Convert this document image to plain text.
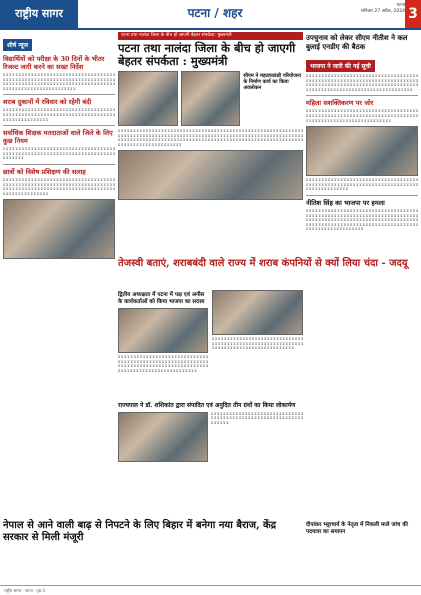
राष्ट्रीय सागर	पटना / शहर
पटना
शनिवार 27 अप्रैल, 2024 3
शीर्ष न्यूज
विद्यार्थियों को परीक्षा के 30 दिनों के भीतर रिजल्ट जारी करने का सख्त निर्देश
ड ड ड ड ड ड ड ड ड ड ड ड ड ड ड ड ड ड ड ड ड ड ड ड ड ड ड ड ड ड ड ड ड ड ड ड ड ड ड ड ड ड ड ड ड ड ड ड ड ड ड ड ड ड ड ड ड ड ड ड ड ड ड ड ड ड ड ड ड ड ड ड ड ड ड ड ड ड ड ड ड ड ड ड ड ड ड ड ड ड ड ड ड ड ड ड ड ड ड ड ड ड ड ड ड ड ड ड ड ड ड ड ड ड ड ड ड ड ड ड ड ड ड ड ड ड ड ड ड ड ड ड
शराब दुकानों में रविवार को रहेगी बंदी
ड ड ड ड ड ड ड ड ड ड ड ड ड ड ड ड ड ड ड ड ड ड ड ड ड ड ड ड ड ड ड ड ड ड ड ड ड ड ड ड ड ड ड ड ड ड ड ड ड ड ड ड ड ड ड ड ड ड ड ड ड ड ड ड ड ड ड ड ड ड ड ड ड ड ड ड ड ड ड ड ड ड ड ड ड ड ड
सर्वाधिक शिक्षक मतदाताओं वाले जिले के लिए कुछ नियम
ड ड ड ड ड ड ड ड ड ड ड ड ड ड ड ड ड ड ड ड ड ड ड ड ड ड ड ड ड ड ड ड ड ड ड ड ड ड ड ड ड ड ड ड ड ड ड ड ड ड ड ड ड ड ड ड ड ड ड ड ड ड ड ड ड ड ड ड ड ड ड ड ड ड ड ड ड ड ड
छात्रों को विशेष प्रशिक्षण की सलाह
ड ड ड ड ड ड ड ड ड ड ड ड ड ड ड ड ड ड ड ड ड ड ड ड ड ड ड ड ड ड ड ड ड ड ड ड ड ड ड ड ड ड ड ड ड ड ड ड ड ड ड ड ड ड ड ड ड ड ड ड ड ड ड ड ड ड ड ड ड ड ड ड ड ड ड ड ड ड ड ड ड ड ड ड ड ड ड ड ड ड ड ड ड ड ड ड ड ड ड ड ड ड ड ड ड ड ड ड ड ड ड ड ड ड ड ड ड ड ड ड ड ड ड
पटना तथा नालंदा जिला के बीच हो जाएगी बेहतर संपर्कता: मुख्यमंत्री
पटना तथा नालंदा जिला के बीच हो जाएगी बेहतर संपर्कता : मुख्यमंत्री
सीएम ने महत्वाकांक्षी परियोजना के निर्माण कार्य का किया अवलोकन
ड ड ड ड ड ड ड ड ड ड ड ड ड ड ड ड ड ड ड ड ड ड ड ड ड ड ड ड ड ड ड ड ड ड ड ड ड ड ड ड ड ड ड ड ड ड ड ड ड ड ड ड ड ड ड ड ड ड ड ड ड ड ड ड ड ड ड ड ड ड ड ड ड ड ड ड ड ड ड ड ड ड ड ड ड ड ड ड ड ड ड ड ड ड ड ड ड ड ड ड ड ड ड ड ड ड ड ड ड ड ड ड ड ड ड ड ड ड ड ड ड ड ड ड ड ड ड ड ड ड ड ड ड ड ड ड ड ड ड ड ड ड ड ड ड ड ड ड ड ड ड ड ड ड ड ड ड ड ड ड ड ड ड ड ड ड ड ड ड ड ड ड ड ड ड ड ड ड ड ड ड ड ड ड ड ड ड ड ड ड ड ड ड ड ड ड ड ड ड ड ड
उपचुनाव को लेकर सीएम नीतीश ने कल बुलाई एनडीए की बैठक
भाजपा ने जारी की नई सूची
ड ड ड ड ड ड ड ड ड ड ड ड ड ड ड ड ड ड ड ड ड ड ड ड ड ड ड ड ड ड ड ड ड ड ड ड ड ड ड ड ड ड ड ड ड ड ड ड ड ड ड ड ड ड ड ड ड ड ड ड ड ड ड ड ड ड ड ड ड ड ड ड ड ड ड ड ड ड ड ड ड ड ड ड ड ड ड ड ड ड ड ड ड ड ड ड ड ड ड ड ड ड ड ड ड ड ड ड ड ड ड ड ड ड ड ड ड ड ड ड ड ड ड ड ड ड ड ड ड ड ड ड ड ड ड ड ड ड ड ड ड ड ड
महिला सशक्तिकरण पर जोर
ड ड ड ड ड ड ड ड ड ड ड ड ड ड ड ड ड ड ड ड ड ड ड ड ड ड ड ड ड ड ड ड ड ड ड ड ड ड ड ड ड ड ड ड ड ड ड ड ड ड ड ड ड ड ड ड ड ड ड ड ड ड ड ड ड ड ड ड ड ड ड ड ड ड ड ड ड ड ड ड ड ड ड ड ड ड ड ड ड ड ड ड ड ड ड ड ड ड ड ड
ड ड ड ड ड ड ड ड ड ड ड ड ड ड ड ड ड ड ड ड ड ड ड ड ड ड ड ड ड ड ड ड ड ड ड ड ड ड ड ड ड ड ड ड ड ड ड ड ड ड ड ड ड ड ड ड ड ड ड ड ड ड ड ड ड ड ड ड ड ड ड ड ड ड ड ड ड ड ड ड ड ड ड ड ड ड
नीतिश सिंह का भाजपा पर हमला
ड ड ड ड ड ड ड ड ड ड ड ड ड ड ड ड ड ड ड ड ड ड ड ड ड ड ड ड ड ड ड ड ड ड ड ड ड ड ड ड ड ड ड ड ड ड ड ड ड ड ड ड ड ड ड ड ड ड ड ड ड ड ड ड ड ड ड ड ड ड ड ड ड ड ड ड ड ड ड ड ड ड ड ड ड ड ड ड ड ड ड ड ड ड ड ड ड ड ड ड ड ड ड ड ड ड ड ड ड ड ड ड ड ड ड ड ड ड ड ड ड ड ड ड ड ड ड ड ड ड ड ड ड ड ड ड ड ड ड ड ड ड ड ड ड ड ड ड ड ड ड ड ड ड ड ड ड ड ड ड ड ड ड
तेजस्वी बताएं, शराबबंदी वाले राज्य में शराब कंपनियों से क्यों लिया चंदा - जदयू
द्वितीय अध्यक्षता में पटना में पक्ष एवं अनीस के कार्यकर्ताओं को किया भाजपा का सदस्य
ड ड ड ड ड ड ड ड ड ड ड ड ड ड ड ड ड ड ड ड ड ड ड ड ड ड ड ड ड ड ड ड ड ड ड ड ड ड ड ड ड ड ड ड ड ड ड ड ड ड ड ड ड ड ड ड ड ड ड ड ड ड ड ड ड ड ड ड ड ड ड ड ड ड ड ड ड ड ड ड ड ड ड ड ड ड ड ड ड ड ड ड ड ड ड ड ड ड ड ड ड ड ड ड ड ड ड ड ड ड ड ड ड
ड ड ड ड ड ड ड ड ड ड ड ड ड ड ड ड ड ड ड ड ड ड ड ड ड ड ड ड ड ड ड ड ड ड ड ड ड ड ड ड ड ड ड ड ड ड ड ड ड ड ड ड ड ड ड ड ड ड ड ड ड ड ड ड ड ड ड ड ड ड ड ड ड ड ड ड ड ड ड ड ड ड ड ड ड ड ड
राज्यपाल ने डॉ. शशिकांत द्वारा संपादित एवं अनुदित तीन ग्रंथों का किया लोकार्पण
ड ड ड ड ड ड ड ड ड ड ड ड ड ड ड ड ड ड ड ड ड ड ड ड ड ड ड ड ड ड ड ड ड ड ड ड ड ड ड ड ड ड ड ड ड ड ड ड ड ड ड ड ड ड ड ड ड ड ड ड ड ड ड ड ड ड
नेपाल से आने वाली बाढ़ से निपटने के लिए बिहार में बनेगा नया बैराज, केंद्र सरकार से मिली मंजूरी
दीपांकर भट्टाचार्य के नेतृत्व में निकली माले जांच की पदयात्रा का समापन
राष्ट्रीय सागर · पटना · पृष्ठ 3
